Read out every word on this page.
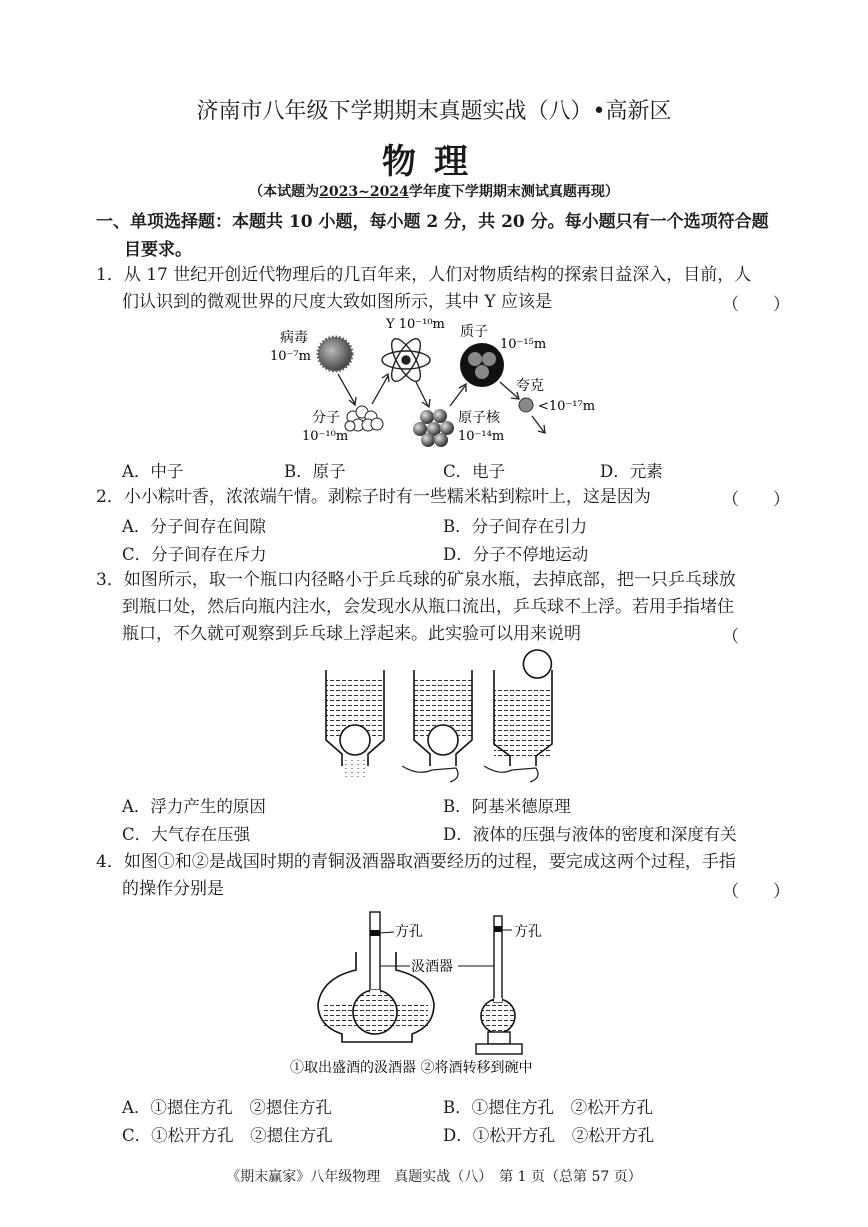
济南市八年级下学期期末真题实战（八）•高新区
物理
（本试题为2023~2024学年度下学期期末测试真题再现）
一、单项选择题：本题共 10 小题，每小题 2 分，共 20 分。每小题只有一个选项符合题
目要求。
1．从 17 世纪开创近代物理后的几百年来，人们对物质结构的探索日益深入，目前，人
们认识到的微观世界的尺度大致如图所示，其中 Y 应该是	（　　）
病毒
10⁻⁷m
Y 10⁻¹⁰m 质子
10⁻¹⁵m
夸克
<10⁻¹⁷m
分子
10⁻¹⁰m
原子核
10⁻¹⁴m
A．中子	B．原子	C．电子	D．元素
2．小小粽叶香，浓浓端午情。剥粽子时有一些糯米粘到粽叶上，这是因为	（　　）
A．分子间存在间隙	B．分子间存在引力
C．分子间存在斥力	D．分子不停地运动
3．如图所示，取一个瓶口内径略小于乒乓球的矿泉水瓶，去掉底部，把一只乒乓球放
到瓶口处，然后向瓶内注水，会发现水从瓶口流出，乒乓球不上浮。若用手指堵住
瓶口，不久就可观察到乒乓球上浮起来。此实验可以用来说明	（
A．浮力产生的原因	B．阿基米德原理
C．大气存在压强	D．液体的压强与液体的密度和深度有关
4．如图①和②是战国时期的青铜汲酒器取酒要经历的过程，要完成这两个过程，手指
的操作分别是	（　　）
方孔
汲酒器
方孔
①取出盛酒的汲酒器 ②将酒转移到碗中
A．①摁住方孔　②摁住方孔	B．①摁住方孔　②松开方孔
C．①松开方孔　②摁住方孔	D．①松开方孔　②松开方孔
《期末赢家》八年级物理　真题实战（八）　第 1 页（总第 57 页）
